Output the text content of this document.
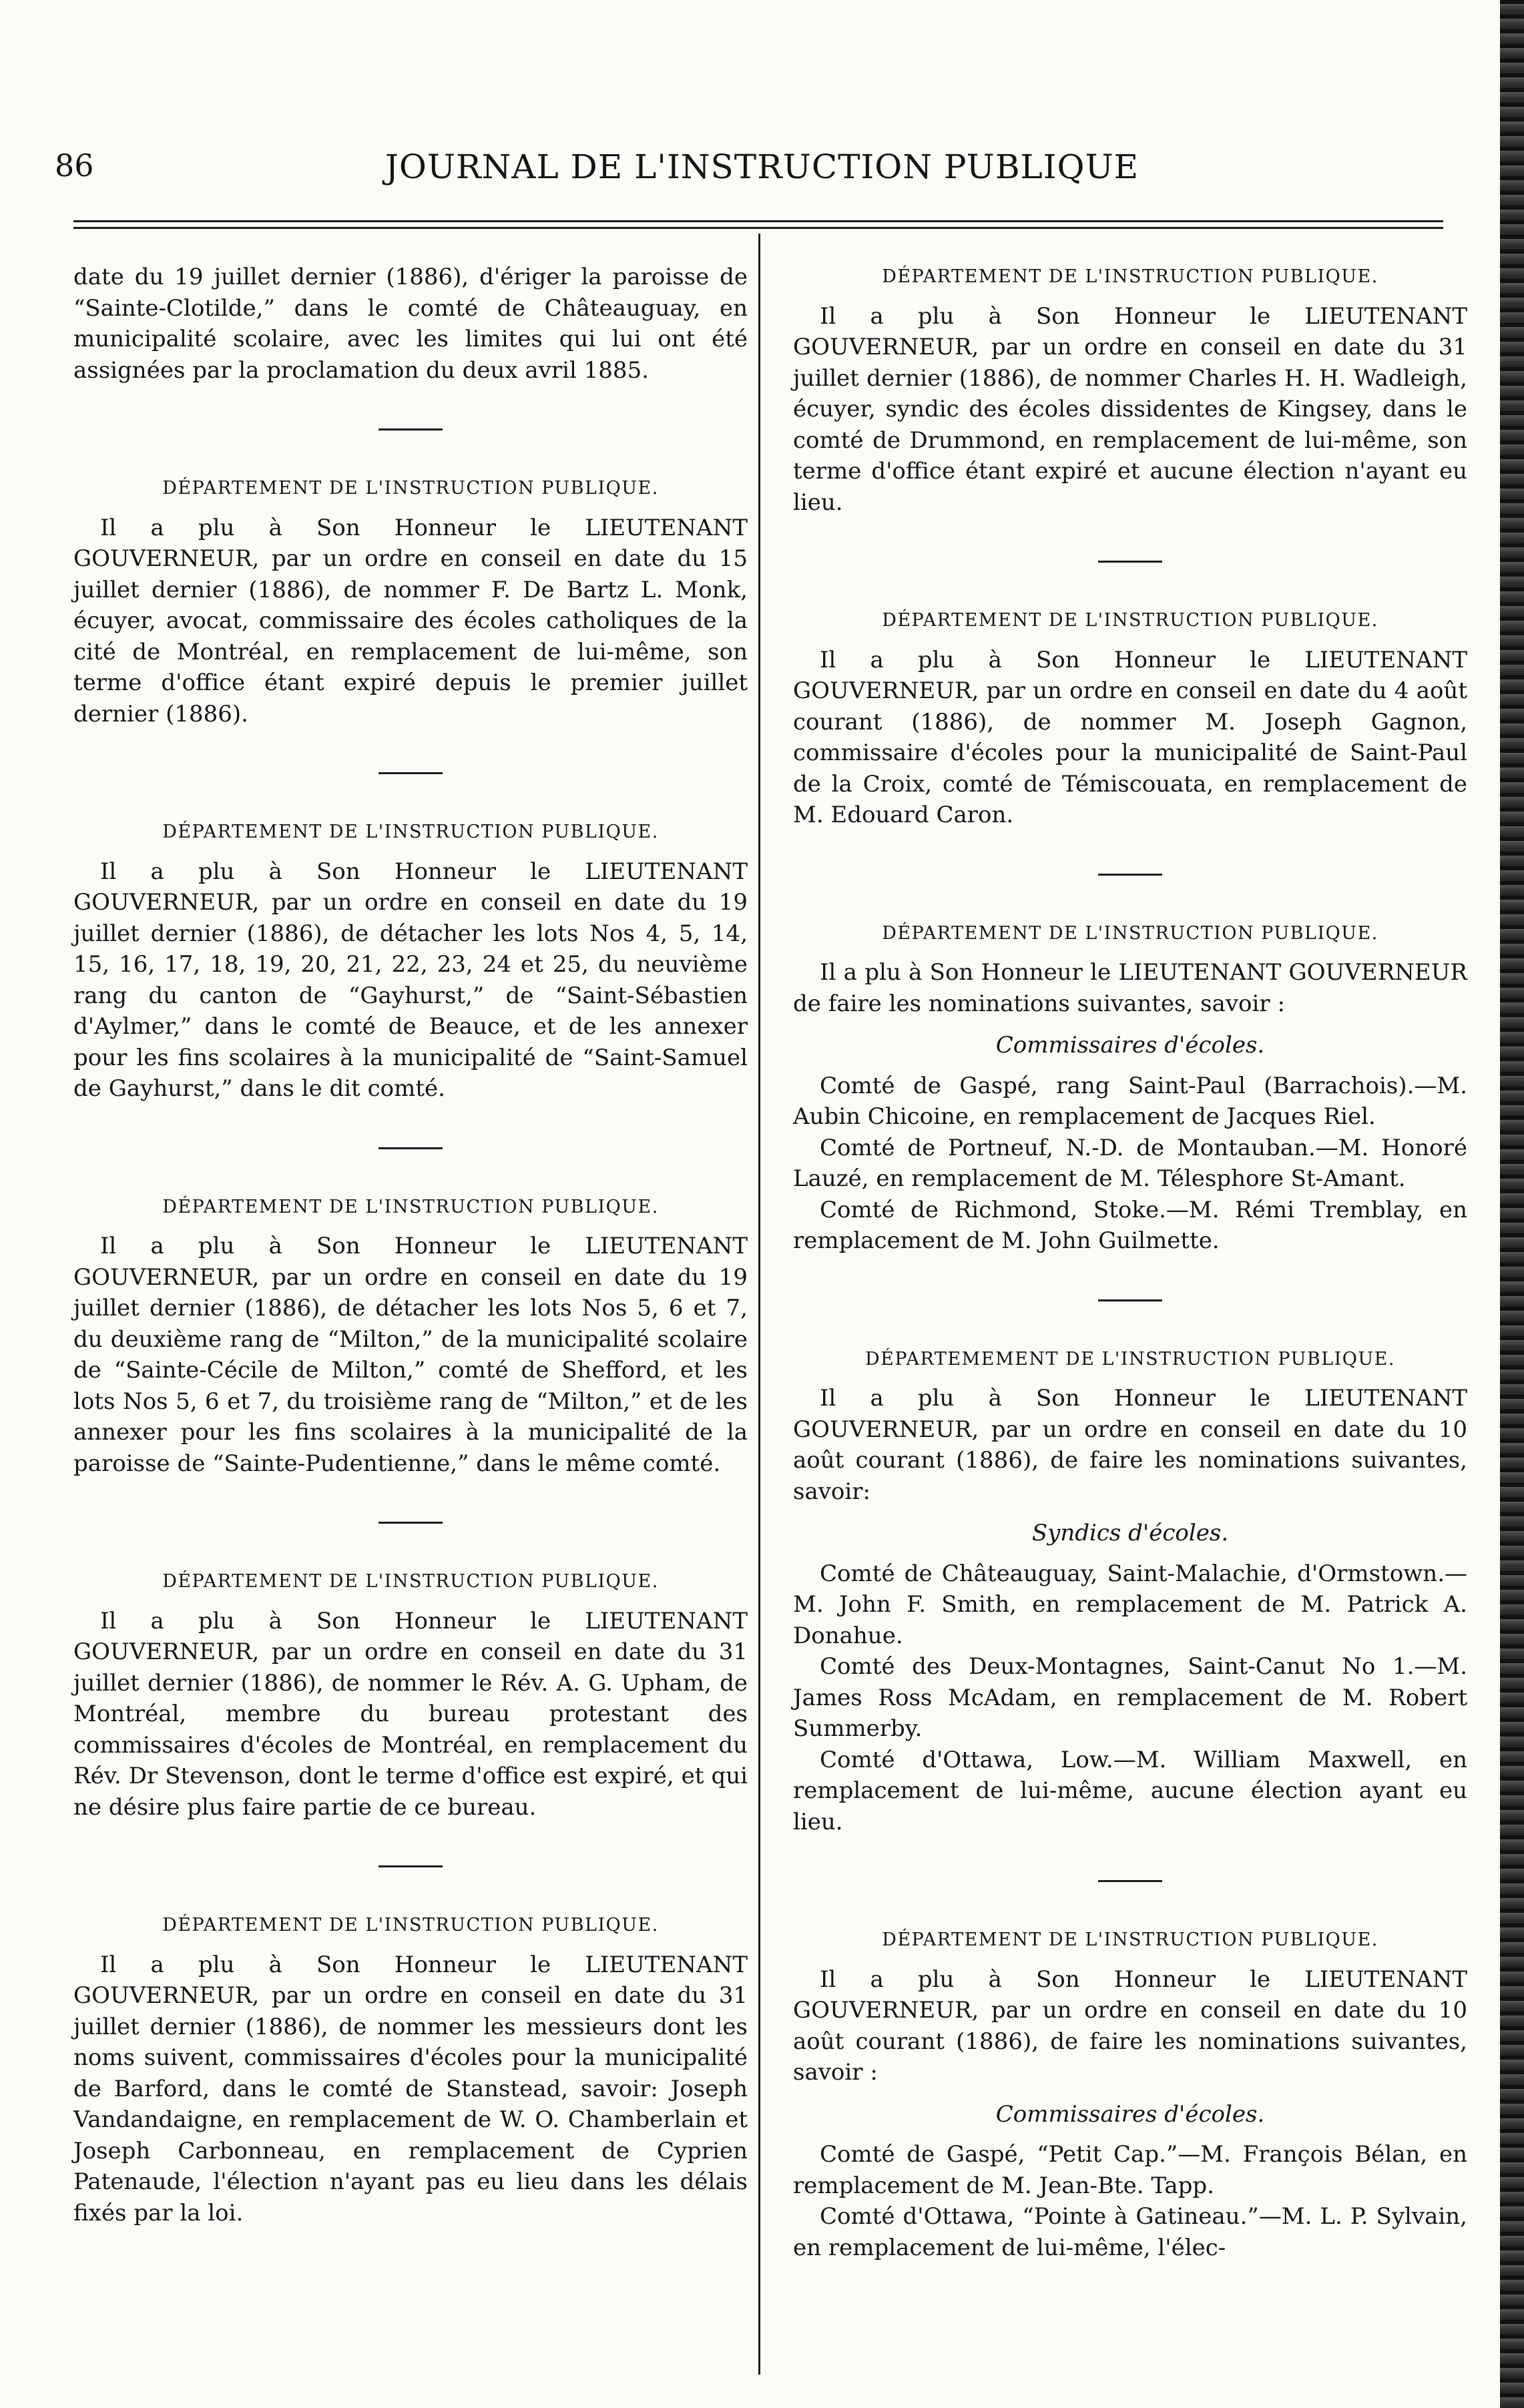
86	JOURNAL DE L'INSTRUCTION PUBLIQUE

date du 19 juillet dernier (1886), d'ériger la paroisse de “Sainte-Clotilde,” dans le comté de Châteauguay, en municipalité scolaire, avec les limites qui lui ont été assignées par la proclamation du deux avril 1885.

DÉPARTEMENT DE L'INSTRUCTION PUBLIQUE.

Il a plu à Son Honneur le LIEUTENANT GOUVERNEUR, par un ordre en conseil en date du 15 juillet dernier (1886), de nommer F. De Bartz L. Monk, écuyer, avocat, commissaire des écoles catholiques de la cité de Montréal, en remplacement de lui-même, son terme d'office étant expiré depuis le premier juillet dernier (1886).

DÉPARTEMENT DE L'INSTRUCTION PUBLIQUE.

Il a plu à Son Honneur le LIEUTENANT GOUVERNEUR, par un ordre en conseil en date du 19 juillet dernier (1886), de détacher les lots Nos 4, 5, 14, 15, 16, 17, 18, 19, 20, 21, 22, 23, 24 et 25, du neuvième rang du canton de “Gayhurst,” de “Saint-Sébastien d'Aylmer,” dans le comté de Beauce, et de les annexer pour les fins scolaires à la municipalité de “Saint-Samuel de Gayhurst,” dans le dit comté.

DÉPARTEMENT DE L'INSTRUCTION PUBLIQUE.

Il a plu à Son Honneur le LIEUTENANT GOUVERNEUR, par un ordre en conseil en date du 19 juillet dernier (1886), de détacher les lots Nos 5, 6 et 7, du deuxième rang de “Milton,” de la municipalité scolaire de “Sainte-Cécile de Milton,” comté de Shefford, et les lots Nos 5, 6 et 7, du troisième rang de “Milton,” et de les annexer pour les fins scolaires à la municipalité de la paroisse de “Sainte-Pudentienne,” dans le même comté.

DÉPARTEMENT DE L'INSTRUCTION PUBLIQUE.

Il a plu à Son Honneur le LIEUTENANT GOUVERNEUR, par un ordre en conseil en date du 31 juillet dernier (1886), de nommer le Rév. A. G. Upham, de Montréal, membre du bureau protestant des commissaires d'écoles de Montréal, en remplacement du Rév. Dr Stevenson, dont le terme d'office est expiré, et qui ne désire plus faire partie de ce bureau.

DÉPARTEMENT DE L'INSTRUCTION PUBLIQUE.

Il a plu à Son Honneur le LIEUTENANT GOUVERNEUR, par un ordre en conseil en date du 31 juillet dernier (1886), de nommer les messieurs dont les noms suivent, commissaires d'écoles pour la municipalité de Barford, dans le comté de Stanstead, savoir: Joseph Vandandaigne, en remplacement de W. O. Chamberlain et Joseph Carbonneau, en remplacement de Cyprien Patenaude, l'élection n'ayant pas eu lieu dans les délais fixés par la loi.

DÉPARTEMENT DE L'INSTRUCTION PUBLIQUE.

Il a plu à Son Honneur le LIEUTENANT GOUVERNEUR, par un ordre en conseil en date du 31 juillet dernier (1886), de nommer Charles H. H. Wadleigh, écuyer, syndic des écoles dissidentes de Kingsey, dans le comté de Drummond, en remplacement de lui-même, son terme d'office étant expiré et aucune élection n'ayant eu lieu.

DÉPARTEMENT DE L'INSTRUCTION PUBLIQUE.

Il a plu à Son Honneur le LIEUTENANT GOUVERNEUR, par un ordre en conseil en date du 4 août courant (1886), de nommer M. Joseph Gagnon, commissaire d'écoles pour la municipalité de Saint-Paul de la Croix, comté de Témiscouata, en remplacement de M. Edouard Caron.

DÉPARTEMENT DE L'INSTRUCTION PUBLIQUE.

Il a plu à Son Honneur le LIEUTENANT GOUVERNEUR de faire les nominations suivantes, savoir :

Commissaires d'écoles.

Comté de Gaspé, rang Saint-Paul (Barrachois).—M. Aubin Chicoine, en remplacement de Jacques Riel.

Comté de Portneuf, N.-D. de Montauban.—M. Honoré Lauzé, en remplacement de M. Télesphore St-Amant.

Comté de Richmond, Stoke.—M. Rémi Tremblay, en remplacement de M. John Guilmette.

DÉPARTEMEMENT DE L'INSTRUCTION PUBLIQUE.

Il a plu à Son Honneur le LIEUTENANT GOUVERNEUR, par un ordre en conseil en date du 10 août courant (1886), de faire les nominations suivantes, savoir:

Syndics d'écoles.

Comté de Châteauguay, Saint-Malachie, d'Ormstown.—M. John F. Smith, en remplacement de M. Patrick A. Donahue.

Comté des Deux-Montagnes, Saint-Canut No 1.—M. James Ross McAdam, en remplacement de M. Robert Summerby.

Comté d'Ottawa, Low.—M. William Maxwell, en remplacement de lui-même, aucune élection ayant eu lieu.

DÉPARTEMENT DE L'INSTRUCTION PUBLIQUE.

Il a plu à Son Honneur le LIEUTENANT GOUVERNEUR, par un ordre en conseil en date du 10 août courant (1886), de faire les nominations suivantes, savoir :

Commissaires d'écoles.

Comté de Gaspé, “Petit Cap.”—M. François Bélan, en remplacement de M. Jean-Bte. Tapp.

Comté d'Ottawa, “Pointe à Gatineau.”—M. L. P. Sylvain, en remplacement de lui-même, l'élec-
